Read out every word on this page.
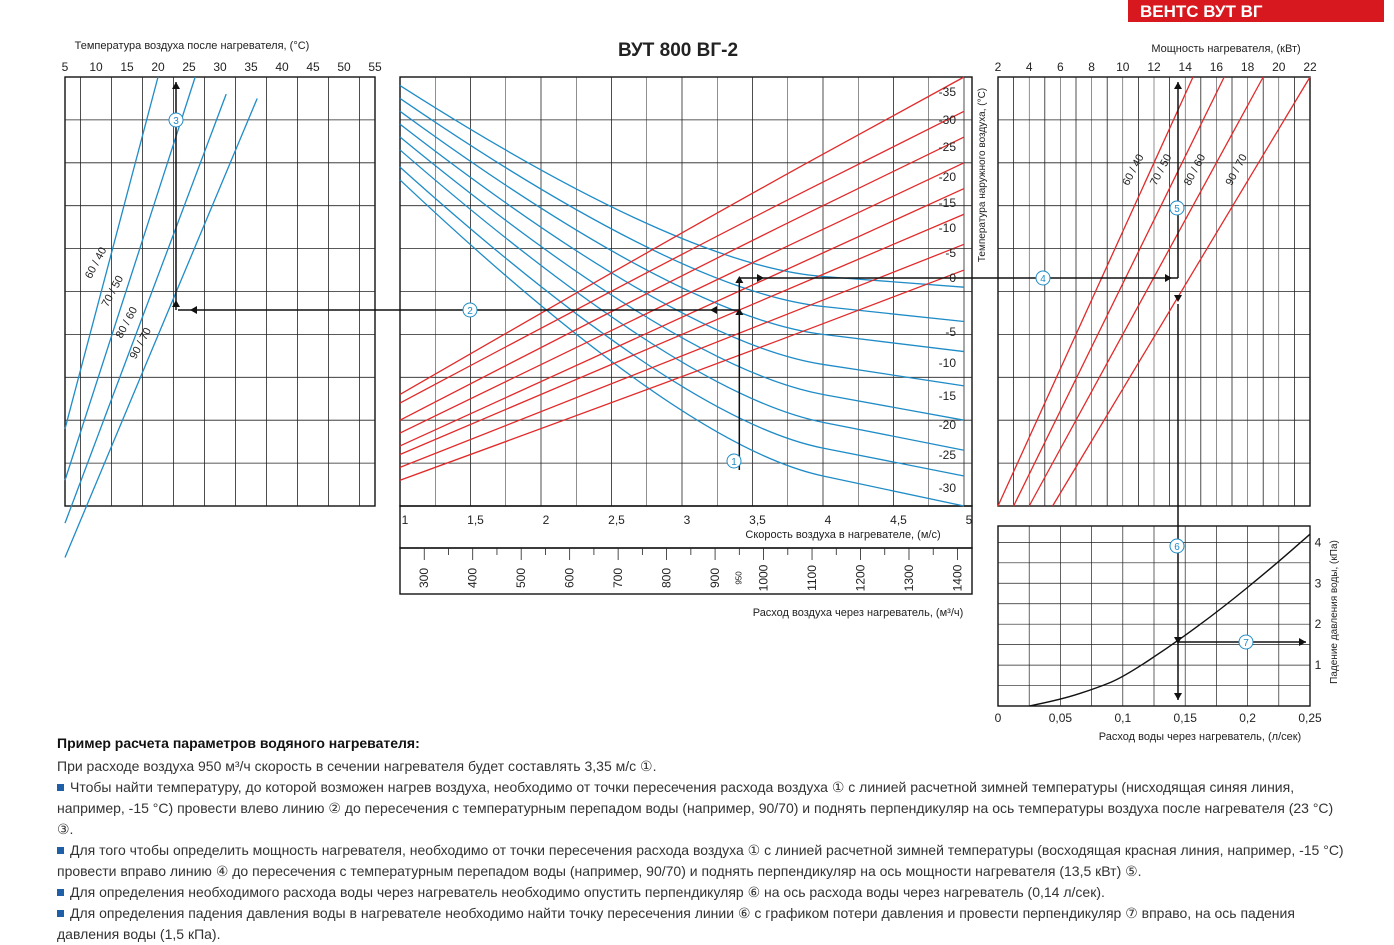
ВЕНТС ВУТ ВГ
5 10 15 20 25 30 35 40 45 50 55
Температура воздуха после нагревателя, (°С)
60 / 40
70 / 50
80 / 60
90 / 70
-35
-30
-25
-20
-15
-10
-5
0
-5
-10
-15
-20
-25
-30
Температура наружного воздуха, (°С)
1	1,5	2	2,5	3	3,5	4	4,5	5
Скорость воздуха в нагревателе, (м/с)
300	400	500	600	700	800	900	1000	1100	1200	1300	1400
950
Расход воздуха через нагреватель, (м³/ч)
2 4 6 8 10 12 14 16 18 20 22
Мощность нагревателя, (кВт)
60 / 40 70 / 50 80 / 60 90 / 70
0	0,05	0,1	0,15	0,2	0,25
1
2
3
4
Расход воды через нагреватель, (л/сек)
Падение давления воды, (кПа)
ВУТ 800 ВГ-2
1
2
3
4
5
6
7
Пример расчета параметров водяного нагревателя:

При расходе воздуха 950 м³/ч скорость в сечении нагревателя будет составлять 3,35 м/с ①.

Чтобы найти температуру, до которой возможен нагрев воздуха, необходимо от точки пересечения расхода воздуха ① с линией расчетной зимней температуры (нисходящая синяя линия, например, -15 °С) провести влево линию ② до пересечения с температурным перепадом воды (например, 90/70) и поднять перпендикуляр на ось температуры воздуха после нагревателя (23 °С) ③.

Для того чтобы определить мощность нагревателя, необходимо от точки пересечения расхода воздуха ① с линией расчетной зимней температуры (восходящая красная линия, например, -15 °С) провести вправо линию ④ до пересечения с температурным перепадом воды (например, 90/70) и поднять перпендикуляр на ось мощности нагревателя (13,5 кВт) ⑤.

Для определения необходимого расхода воды через нагреватель необходимо опустить перпендикуляр ⑥ на ось расхода воды через нагреватель (0,14 л/сек).

Для определения падения давления воды в нагревателе необходимо найти точку пересечения линии ⑥ с графиком потери давления и провести перпендикуляр ⑦ вправо, на ось падения давления воды (1,5 кПа).
